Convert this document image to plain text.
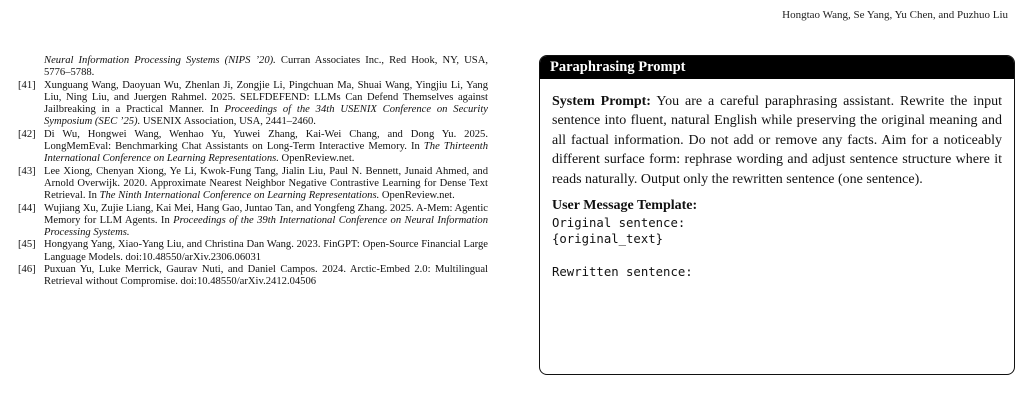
Hongtao Wang, Se Yang, Yu Chen, and Puzhuo Liu
Neural Information Processing Systems (NIPS ’20). Curran Associates Inc., Red Hook, NY, USA, 5776–5788.
[41] Xunguang Wang, Daoyuan Wu, Zhenlan Ji, Zongjie Li, Pingchuan Ma, Shuai Wang, Yingjiu Li, Yang Liu, Ning Liu, and Juergen Rahmel. 2025. SELFDEFEND: LLMs Can Defend Themselves against Jailbreaking in a Practical Manner. In Proceedings of the 34th USENIX Conference on Security Symposium (SEC ’25). USENIX Association, USA, 2441–2460.
[42] Di Wu, Hongwei Wang, Wenhao Yu, Yuwei Zhang, Kai-Wei Chang, and Dong Yu. 2025. LongMemEval: Benchmarking Chat Assistants on Long-Term Interactive Memory. In The Thirteenth International Conference on Learning Representations. OpenReview.net.
[43] Lee Xiong, Chenyan Xiong, Ye Li, Kwok-Fung Tang, Jialin Liu, Paul N. Bennett, Junaid Ahmed, and Arnold Overwijk. 2020. Approximate Nearest Neighbor Negative Contrastive Learning for Dense Text Retrieval. In The Ninth International Conference on Learning Representations. OpenReview.net.
[44] Wujiang Xu, Zujie Liang, Kai Mei, Hang Gao, Juntao Tan, and Yongfeng Zhang. 2025. A-Mem: Agentic Memory for LLM Agents. In Proceedings of the 39th International Conference on Neural Information Processing Systems.
[45] Hongyang Yang, Xiao-Yang Liu, and Christina Dan Wang. 2023. FinGPT: Open-Source Financial Large Language Models. doi:10.48550/arXiv.2306.06031
[46] Puxuan Yu, Luke Merrick, Gaurav Nuti, and Daniel Campos. 2024. Arctic-Embed 2.0: Multilingual Retrieval without Compromise. doi:10.48550/arXiv.2412.04506
Paraphrasing Prompt

System Prompt: You are a careful paraphrasing assistant. Rewrite the input sentence into fluent, natural English while preserving the original meaning and all factual information. Do not add or remove any facts. Aim for a noticeably different surface form: rephrase wording and adjust sentence structure where it reads naturally. Output only the rewritten sentence (one sentence).

User Message Template:
Original sentence:
{original_text}
Rewritten sentence:
